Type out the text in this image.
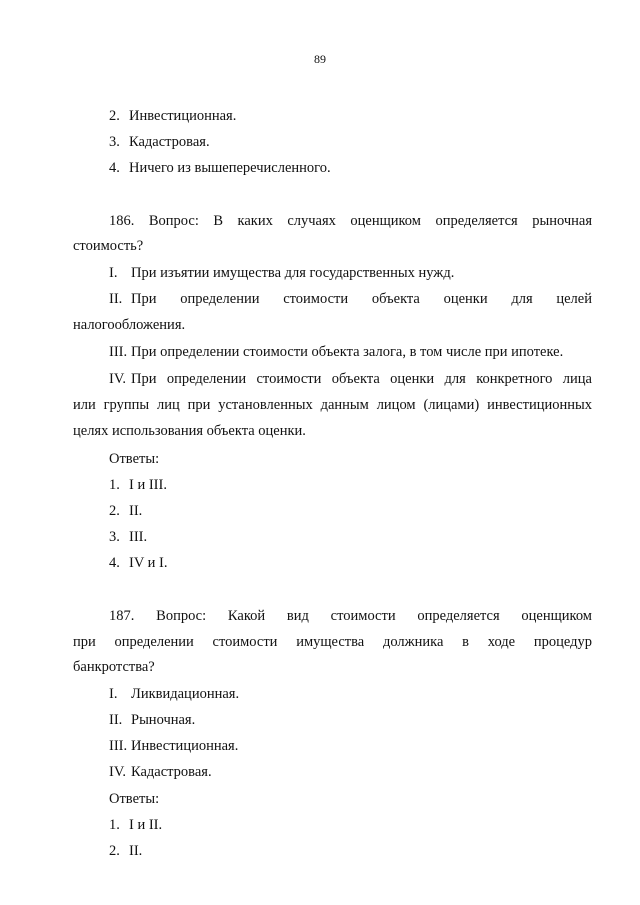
89
2. Инвестиционная.
3. Кадастровая.
4. Ничего из вышеперечисленного.
186. Вопрос: В каких случаях оценщиком определяется рыночная
стоимость?
I. При изъятии имущества для государственных нужд.
II. При определении стоимости объекта оценки для целей
налогообложения.
III. При определении стоимости объекта залога, в том числе при ипотеке.
IV. При определении стоимости объекта оценки для конкретного лица
или группы лиц при установленных данным лицом (лицами) инвестиционных
целях использования объекта оценки.
Ответы:
1. I и III.
2. II.
3. III.
4. IV и I.
187. Вопрос: Какой вид стоимости определяется оценщиком
при определении стоимости имущества должника в ходе процедур
банкротства?
I. Ликвидационная.
II. Рыночная.
III. Инвестиционная.
IV. Кадастровая.
Ответы:
1. I и II.
2. II.
